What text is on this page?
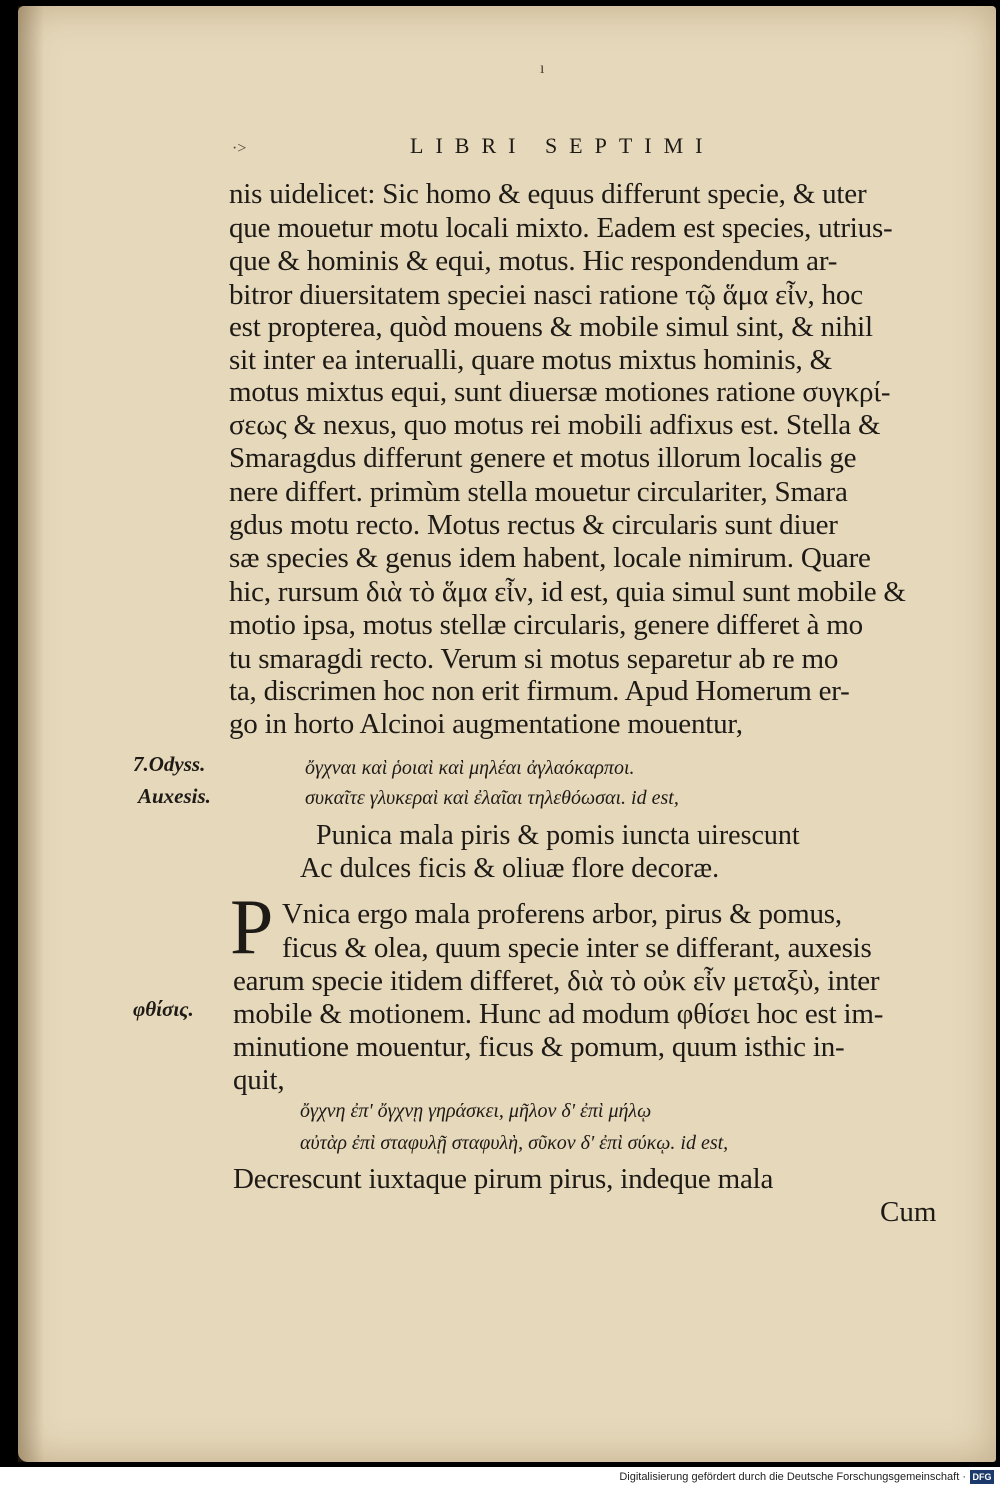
ı
·>	LIBRI SEPTIMI
nis uidelicet: Sic homo & equus differunt specie, & uter
que mouetur motu locali mixto. Eadem est species, utrius-
que & hominis & equi, motus. Hic respondendum ar-
bitror diuersitatem speciei nasci ratione τῷ ἅμα εἶν, hoc
est propterea, quòd mouens & mobile simul sint, & nihil
sit inter ea interualli, quare motus mixtus hominis, &
motus mixtus equi, sunt diuersæ motiones ratione συγκρί-
σεως & nexus, quo motus rei mobili adfixus est. Stella &
Smaragdus differunt genere et motus illorum localis ge
nere differt. primùm stella mouetur circulariter, Smara
gdus motu recto. Motus rectus & circularis sunt diuer
sæ species & genus idem habent, locale nimirum. Quare
hic, rursum διὰ τὸ ἅμα εἶν, id est, quia simul sunt mobile &
motio ipsa, motus stellæ circularis, genere differet à mo
tu smaragdi recto. Verum si motus separetur ab re mo
ta, discrimen hoc non erit firmum. Apud Homerum er-
go in horto Alcinoi augmentatione mouentur,
7.Odyss.
Auxesis.
φθίσις.
ὄγχναι καὶ ῥοιαὶ καὶ μηλέαι ἀγλαόκαρποι.
συκαῖτε γλυκεραὶ καὶ ἐλαῖαι τηλεθόωσαι. id est,
Punica mala piris & pomis iuncta uirescunt
Ac dulces ficis & oliuæ flore decoræ.
P Vnica ergo mala proferens arbor, pirus & pomus,
ficus & olea, quum specie inter se differant, auxesis
earum specie itidem differet, διὰ τὸ οὐκ εἶν μεταξὺ, inter
mobile & motionem. Hunc ad modum φθίσει hoc est im-
minutione mouentur, ficus & pomum, quum isthic in-
quit,
ὄγχνη ἐπ' ὄγχνῃ γηράσκει, μῆλον δ' ἐπὶ μήλῳ
αὐτὰρ ἐπὶ σταφυλῇ σταφυλὴ, σῦκον δ' ἐπὶ σύκῳ. id est,
Decrescunt iuxtaque pirum pirus, indeque mala
Cum
Digitalisierung gefördert durch die Deutsche Forschungsgemeinschaft · DFG
